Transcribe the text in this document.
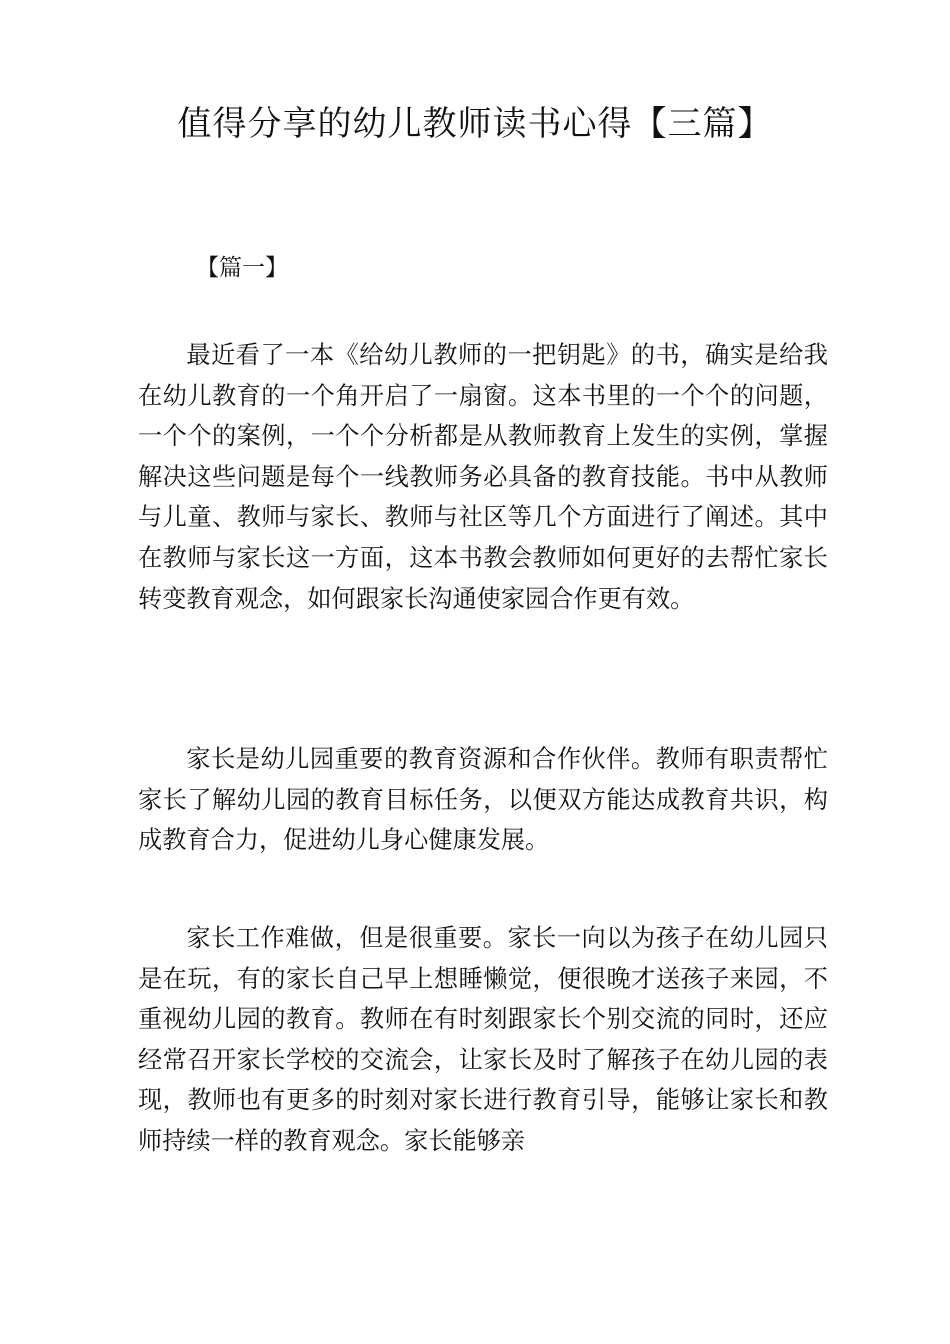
值得分享的幼儿教师读书心得【三篇】

【篇一】

最近看了一本《给幼儿教师的一把钥匙》的书，确实是给我在幼儿教育的一个角开启了一扇窗。这本书里的一个个的问题，一个个的案例，一个个分析都是从教师教育上发生的实例，掌握解决这些问题是每个一线教师务必具备的教育技能。书中从教师与儿童、教师与家长、教师与社区等几个方面进行了阐述。其中在教师与家长这一方面，这本书教会教师如何更好的去帮忙家长转变教育观念，如何跟家长沟通使家园合作更有效。

家长是幼儿园重要的教育资源和合作伙伴。教师有职责帮忙家长了解幼儿园的教育目标任务，以便双方能达成教育共识，构成教育合力，促进幼儿身心健康发展。

家长工作难做，但是很重要。家长一向以为孩子在幼儿园只是在玩，有的家长自己早上想睡懒觉，便很晚才送孩子来园，不重视幼儿园的教育。教师在有时刻跟家长个别交流的同时，还应经常召开家长学校的交流会，让家长及时了解孩子在幼儿园的表现，教师也有更多的时刻对家长进行教育引导，能够让家长和教师持续一样的教育观念。家长能够亲
